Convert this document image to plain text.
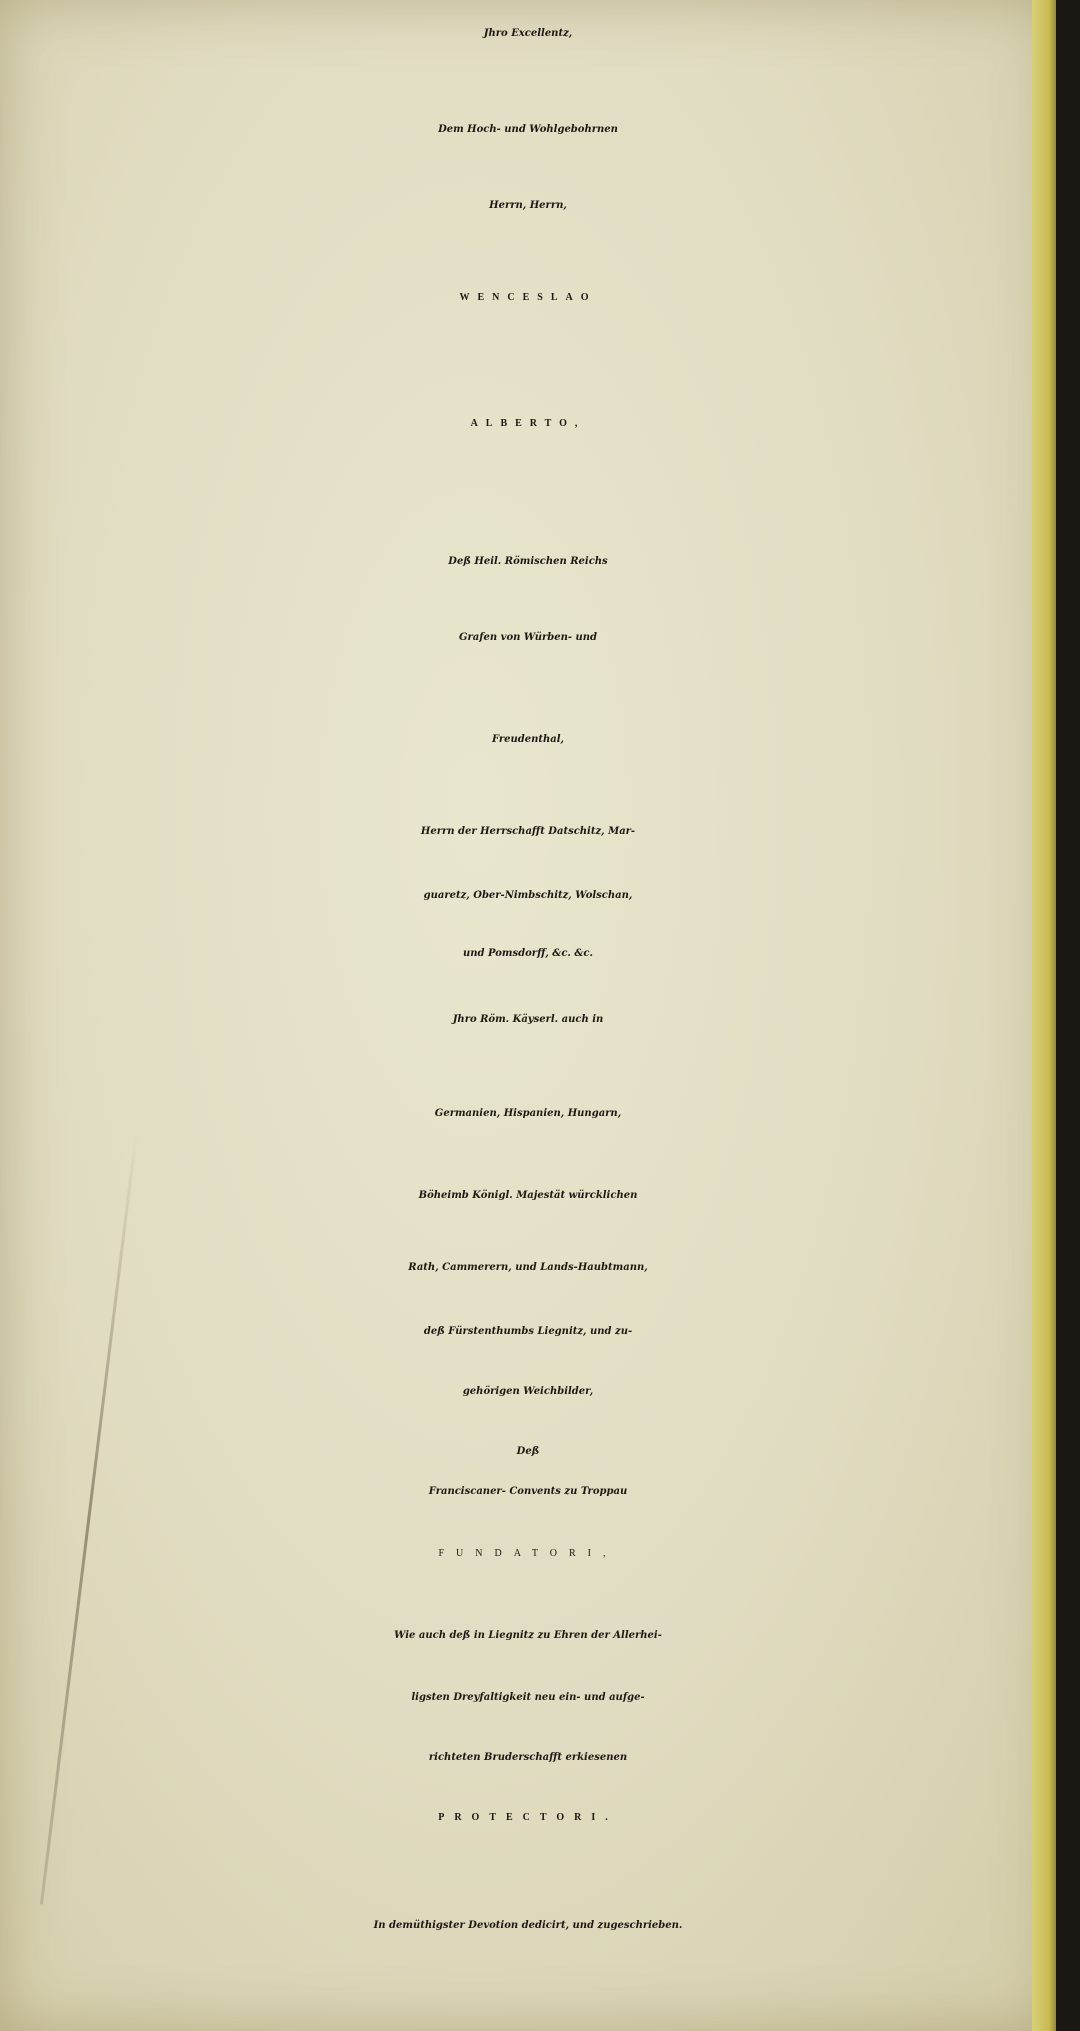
Jhro Excellentz,
Dem Hoch- und Wohlgebohrnen
Herrn, Herrn,
WENCESLAO
ALBERTO,
Deß Heil. Römischen Reichs
Grafen von Würben- und
Freudenthal,
Herrn der Herrschafft Datschitz, Mar-
guaretz, Ober-Nimbschitz, Wolschan,
und Pomsdorff, &c. &c.
Jhro Röm. Käyserl. auch in
Germanien, Hispanien, Hungarn,
Böheimb Königl. Majestät würcklichen
Rath, Cammerern, und Lands-Haubtmann,
deß Fürstenthumbs Liegnitz, und zu-
gehörigen Weichbilder,
Deß
Franciscaner- Convents zu Troppau
FUNDATORI,
Wie auch deß in Liegnitz zu Ehren der Allerhei-
ligsten Dreyfaltigkeit neu ein- und aufge-
richteten Bruderschafft erkiesenen
PROTECTORI.
In demüthigster Devotion dedicirt, und zugeschrieben.
